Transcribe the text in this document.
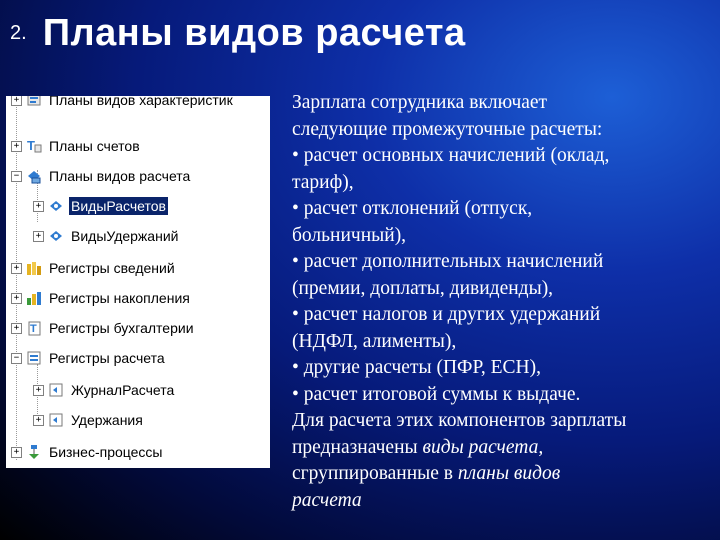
2. Планы видов расчета
+ Планы видов характеристик
+ T Планы счетов
− Планы видов расчета
+ ВидыРасчетов
+ ВидыУдержаний
+ Регистры сведений
+ Регистры накопления
+ T Регистры бухгалтерии
− Регистры расчета
+ ЖурналРасчета
+ Удержания
+ Бизнес-процессы
Зарплата сотрудника включает
следующие промежуточные расчеты:
• расчет основных начислений (оклад,
тариф),
• расчет отклонений (отпуск,
больничный),
• расчет дополнительных начислений
(премии, доплаты, дивиденды),
• расчет налогов и других удержаний
(НДФЛ, алименты),
• другие расчеты (ПФР, ЕСН),
• расчет итоговой суммы к выдаче.
Для расчета этих компонентов зарплаты
предназначены виды расчета,
сгруппированные в планы видов
расчета
